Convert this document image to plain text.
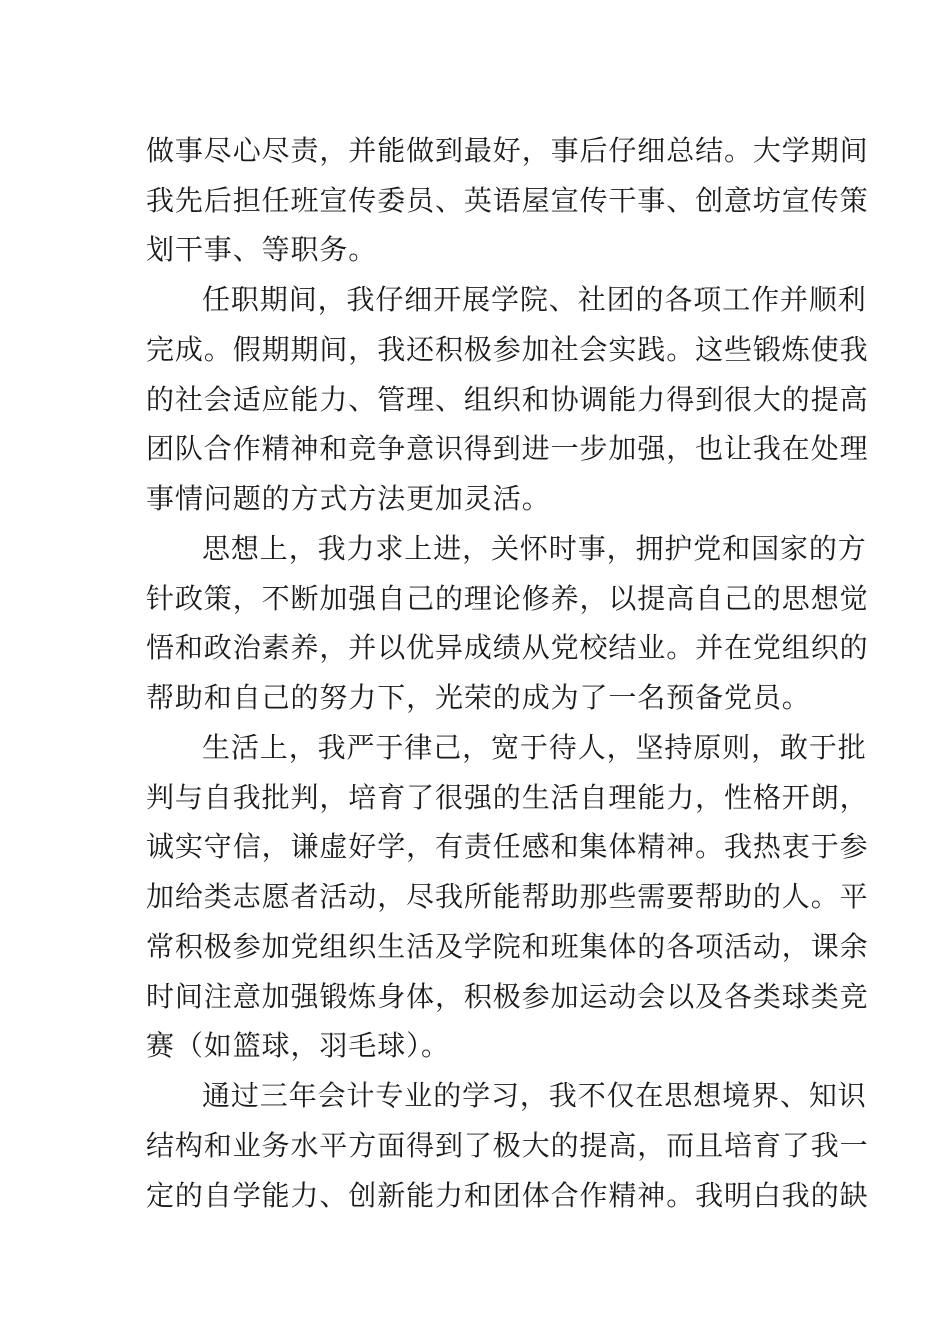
做事尽心尽责，并能做到最好，事后仔细总结。大学期间
我先后担任班宣传委员、英语屋宣传干事、创意坊宣传策
划干事、等职务。
任职期间，我仔细开展学院、社团的各项工作并顺利
完成。假期期间，我还积极参加社会实践。这些锻炼使我
的社会适应能力、管理、组织和协调能力得到很大的提高
团队合作精神和竞争意识得到进一步加强，也让我在处理
事情问题的方式方法更加灵活。
思想上，我力求上进，关怀时事，拥护党和国家的方
针政策，不断加强自己的理论修养，以提高自己的思想觉
悟和政治素养，并以优异成绩从党校结业。并在党组织的
帮助和自己的努力下，光荣的成为了一名预备党员。
生活上，我严于律己，宽于待人，坚持原则，敢于批
判与自我批判，培育了很强的生活自理能力，性格开朗，
诚实守信，谦虚好学，有责任感和集体精神。我热衷于参
加给类志愿者活动，尽我所能帮助那些需要帮助的人。平
常积极参加党组织生活及学院和班集体的各项活动，课余
时间注意加强锻炼身体，积极参加运动会以及各类球类竞
赛（如篮球，羽毛球）。
通过三年会计专业的学习，我不仅在思想境界、知识
结构和业务水平方面得到了极大的提高，而且培育了我一
定的自学能力、创新能力和团体合作精神。我明白我的缺
